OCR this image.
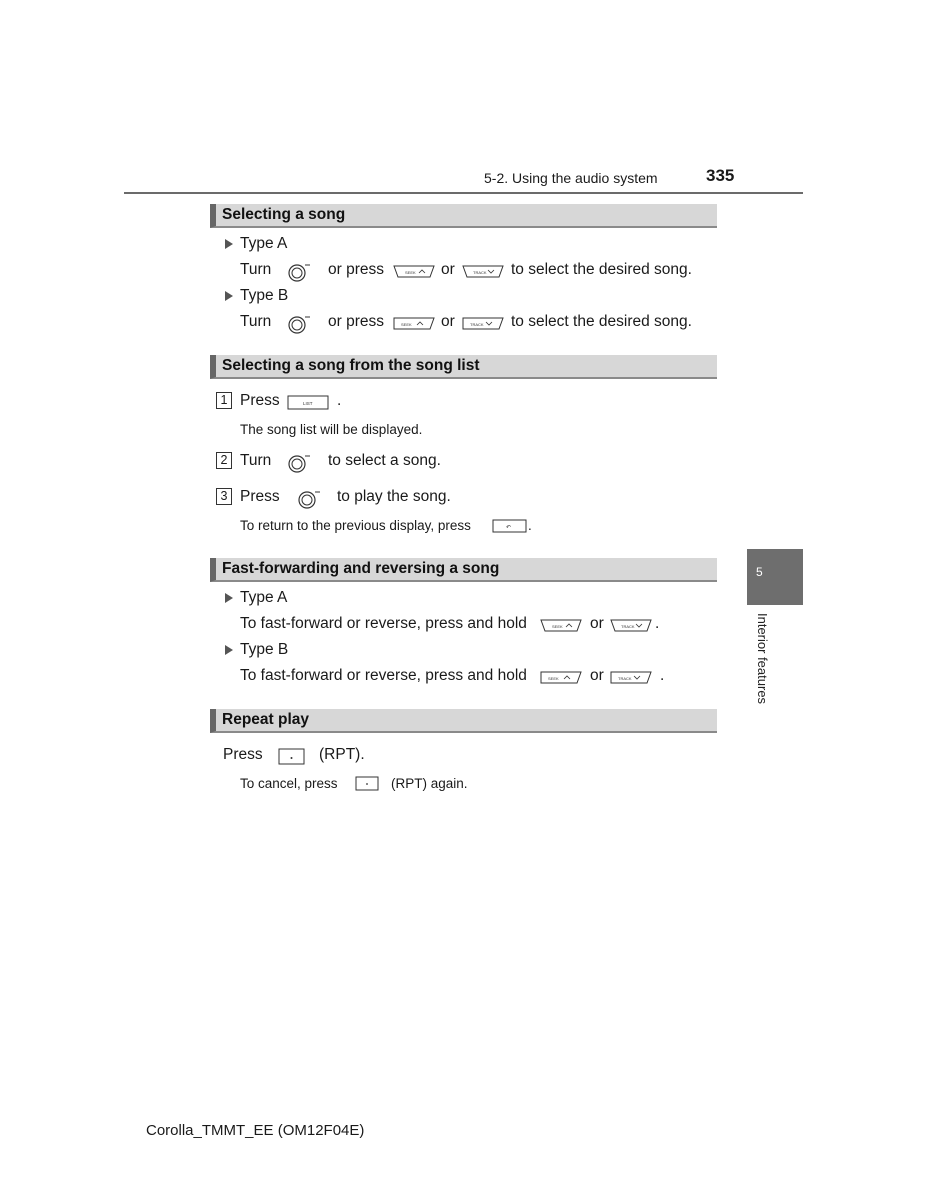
5-2. Using the audio system	335
Selecting a song
Type A
Turn	or press	SEEK or	TRACK to select the desired song.
Type B
Turn	or press	SEEK or	TRACK to select the desired song.
Selecting a song from the song list
1 Press	LIST .
The song list will be displayed.
2 Turn	to select a song.
3 Press	to play the song.
To return to the previous display, press	↶ .
Fast-forwarding and reversing a song
Type A
To fast-forward or reverse, press and hold	SEEK or	TRACK .
Type B
To fast-forward or reverse, press and hold	SEEK or	TRACK .
Repeat play
Press	(RPT).
To cancel, press	(RPT) again.
5
Interior features
Corolla_TMMT_EE (OM12F04E)
